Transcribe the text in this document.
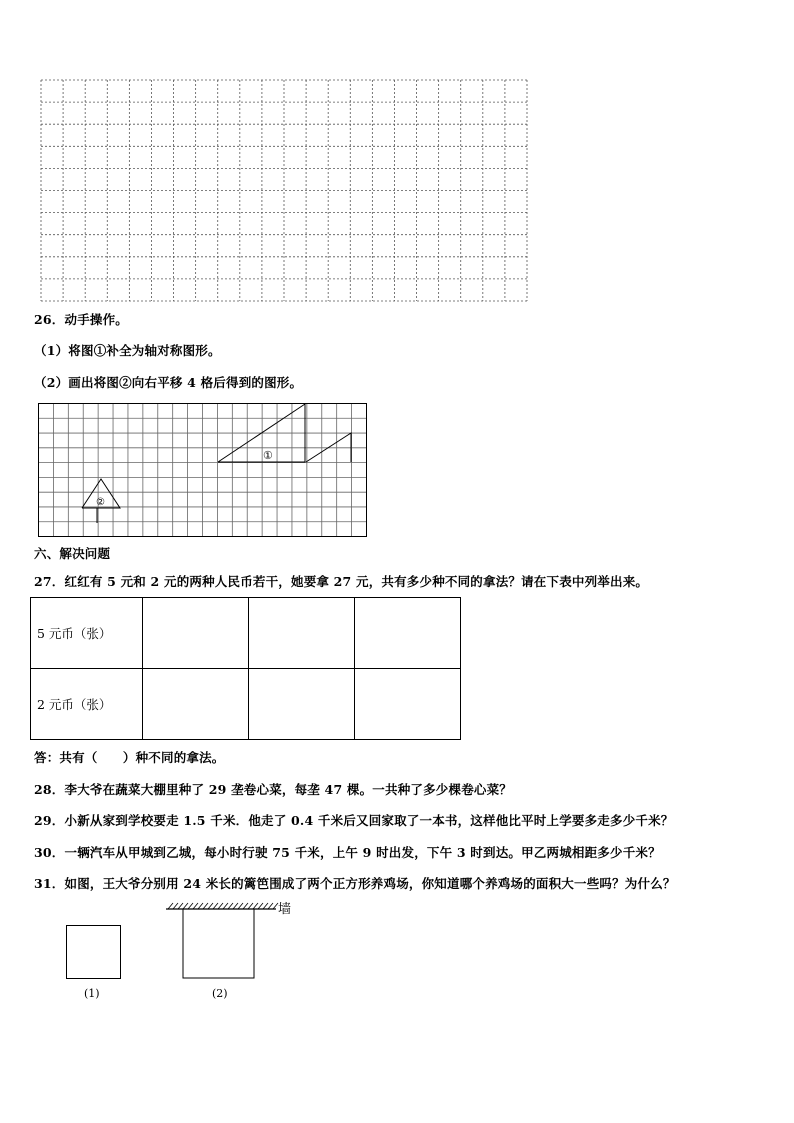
26．动手操作。
（1）将图①补全为轴对称图形。
（2）画出将图②向右平移 4 格后得到的图形。
①
②
六、解决问题
27．红红有 5 元和 2 元的两种人民币若干，她要拿 27 元，共有多少种不同的拿法？请在下表中列举出来。
5 元币（张）			
2 元币（张）			
答：共有（　　）种不同的拿法。
28．李大爷在蔬菜大棚里种了 29 垄卷心菜，每垄 47 棵。一共种了多少棵卷心菜？
29．小新从家到学校要走 1.5 千米．他走了 0.4 千米后又回家取了一本书，这样他比平时上学要多走多少千米？
30．一辆汽车从甲城到乙城，每小时行驶 75 千米，上午 9 时出发，下午 3 时到达。甲乙两城相距多少千米？
31．如图，王大爷分别用 24 米长的篱笆围成了两个正方形养鸡场，你知道哪个养鸡场的面积大一些吗？为什么？
墙
(1)	(2)
